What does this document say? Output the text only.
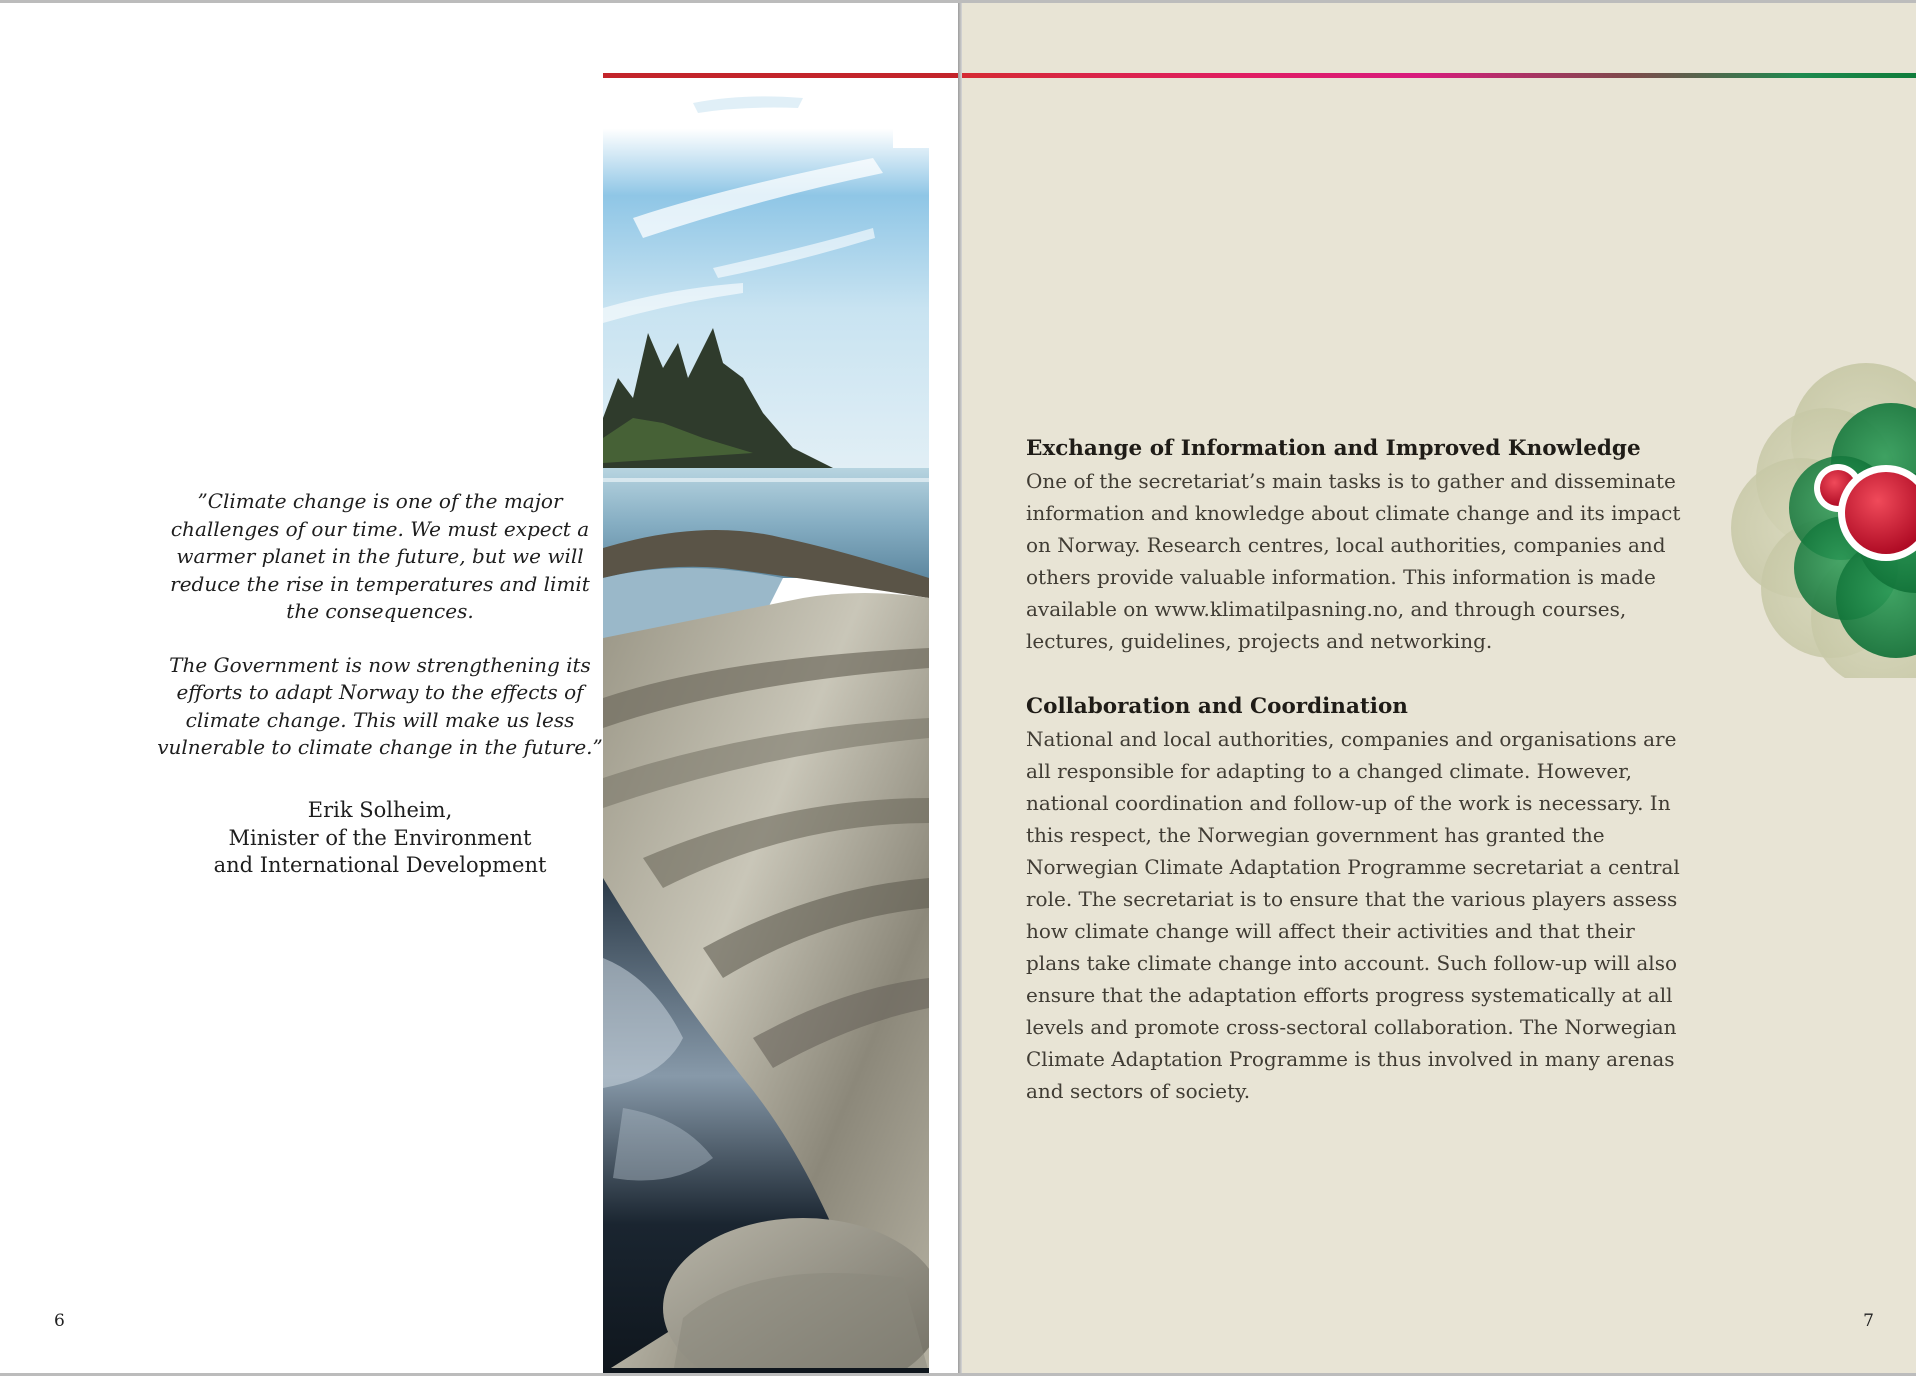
”Climate change is one of the major challenges of our time. We must expect a warmer planet in the future, but we will reduce the rise in temperatures and limit the consequences.

The Government is now strengthening its efforts to adapt Norway to the effects of climate change. This will make us less vulnerable to climate change in the future.”

Erik Solheim,
Minister of the Environment
and International Development
6
Exchange of Information and Improved Knowledge

One of the secretariat’s main tasks is to gather and disseminate information and knowledge about climate change and its impact on Norway. Research centres, local authorities, companies and others provide valuable information. This information is made available on www.klimatilpasning.no, and through courses, lectures, guidelines, projects and networking.

Collaboration and Coordination

National and local authorities, companies and organisations are all responsible for adapting to a changed climate. However, national coordination and follow-up of the work is necessary. In this respect, the Norwegian government has granted the Norwegian Climate Adaptation Programme secretariat a central role. The secretariat is to ensure that the various players assess how climate change will affect their activities and that their plans take climate change into account. Such follow-up will also ensure that the adaptation efforts progress systematically at all levels and promote cross-sectoral collaboration. The Norwegian Climate Adaptation Programme is thus involved in many arenas and sectors of society.

7
